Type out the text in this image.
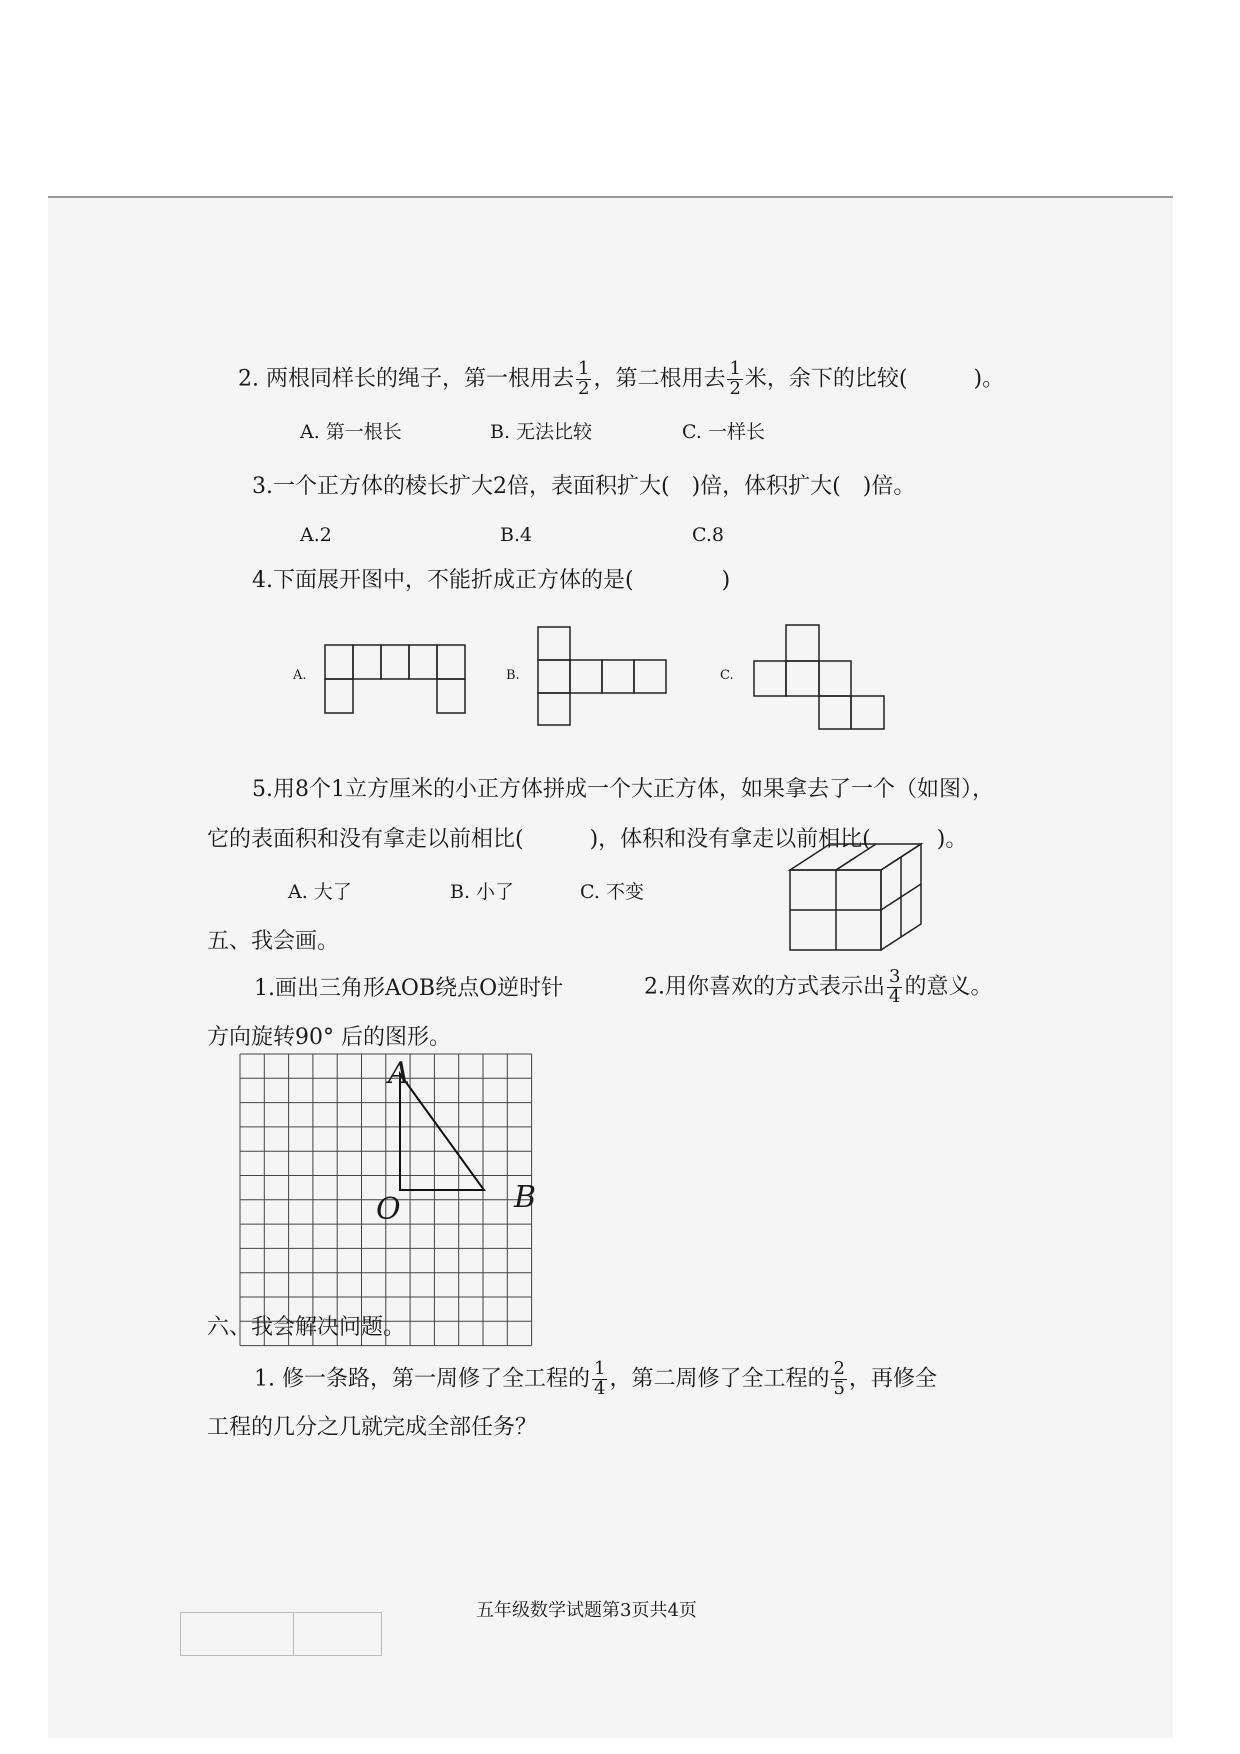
2. 两根同样长的绳子，第一根用去 $\frac{1}{2}$ ，第二根用去 $\frac{1}{2}$ 米，余下的比较(　　　)。
A. 第一根长	B. 无法比较	C. 一样长
3.一个正方体的棱长扩大2倍，表面积扩大(　)倍，体积扩大(　)倍。
A.2	B.4	C.8
4.下面展开图中，不能折成正方体的是(　　　　)
A.	B.	C.
5.用8个1立方厘米的小正方体拼成一个大正方体，如果拿去了一个（如图），
它的表面积和没有拿走以前相比(　　　)，体积和没有拿走以前相比(　　　)。
A. 大了	B. 小了	C. 不变
五、我会画。
1.画出三角形AOB绕点O逆时针	2.用你喜欢的方式表示出 $\frac{3}{4}$ 的意义。
方向旋转90° 后的图形。
A
O	B
六、我会解决问题。
1. 修一条路，第一周修了全工程的 $\frac{1}{4}$ ，第二周修了全工程的 $\frac{2}{5}$ ，再修全
工程的几分之几就完成全部任务？
五年级数学试题第3页共4页
